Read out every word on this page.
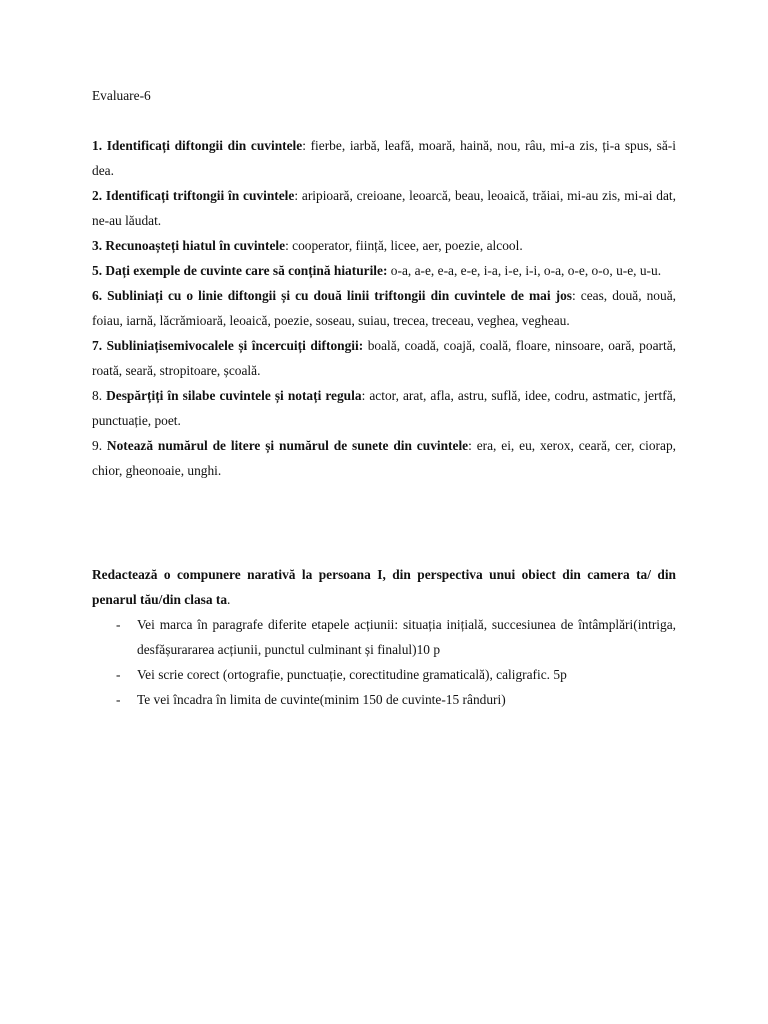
Evaluare-6
1. Identificați diftongii din cuvintele: fierbe, iarbă, leafă, moară, haină, nou, râu, mi-a zis, ți-a spus, să-i dea.
2. Identificați triftongii în cuvintele: aripioară, creioane, leoarcă, beau, leoaică, trăiai, mi-au zis, mi-ai dat, ne-au lăudat.
3. Recunoașteți hiatul în cuvintele: cooperator, ființă, licee, aer, poezie, alcool.
5. Dați exemple de cuvinte care să conțină hiaturile: o-a, a-e, e-a, e-e, i-a, i-e, i-i, o-a, o-e, o-o, u-e, u-u.
6. Subliniați cu o linie diftongii și cu două linii triftongii din cuvintele de mai jos: ceas, două, nouă, foiau, iarnă, lăcrămioară, leoaică, poezie, soseau, suiau, trecea, treceau, veghea, vegheau.
7. Subliniațisemivocalele și încercuiți diftongii: boală, coadă, coajă, coală, floare, ninsoare, oară, poartă, roată, seară, stropitoare, școală.
8. Despărțiți în silabe cuvintele și notați regula: actor, arat, afla, astru, suflă, idee, codru, astmatic, jertfă, punctuație, poet.
9. Notează numărul de litere și numărul de sunete din cuvintele: era, ei, eu, xerox, ceară, cer, ciorap, chior, gheonoaie, unghi.
Redactează o compunere narativă la persoana I, din perspectiva unui obiect din camera ta/ din penarul tău/din clasa ta.
- Vei marca în paragrafe diferite etapele acțiunii: situația inițială, succesiunea de întâmplări(intriga, desfășurararea acțiunii, punctul culminant și finalul)10 p
- Vei scrie corect (ortografie, punctuație, corectitudine gramaticală), caligrafic. 5p
- Te vei încadra în limita de cuvinte(minim 150 de cuvinte-15 rânduri)
